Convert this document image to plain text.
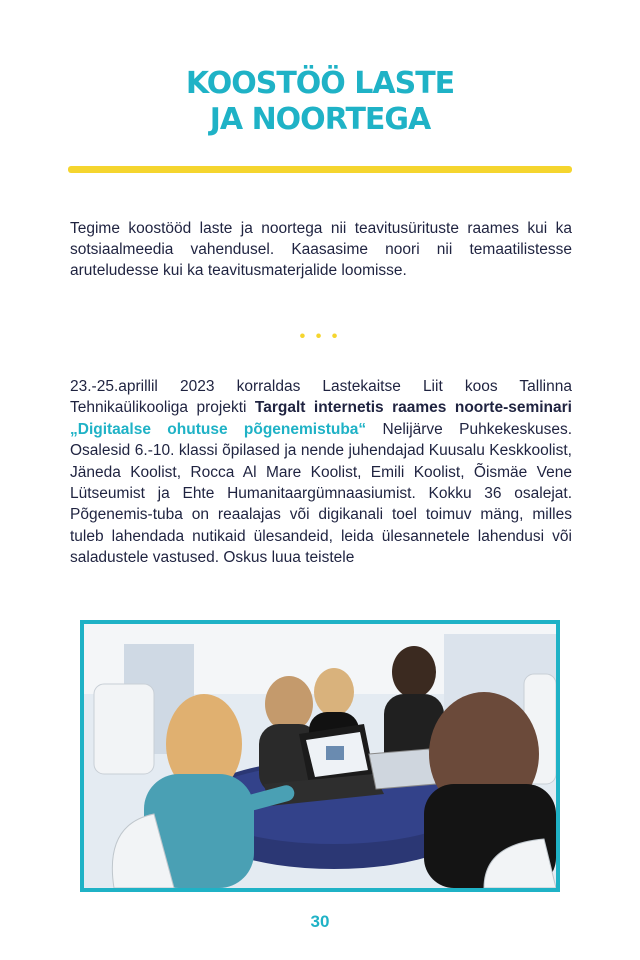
KOOSTÖÖ LASTE
JA NOORTEGA

Tegime koostööd laste ja noortega nii teavitusürituste raames kui ka sotsiaalmeedia vahendusel. Kaasasime noori nii temaatilistesse aruteludesse kui ka teavitusmaterjalide loomisse.

• • •

23.-25.aprillil 2023 korraldas Lastekaitse Liit koos Tallinna Tehnikaülikooliga projekti Targalt internetis raames noorte-seminari „Digitaalse ohutuse põgenemistuba“ Nelijärve Puhkekeskuses. Osalesid 6.-10. klassi õpilased ja nende juhendajad Kuusalu Keskkoolist, Jäneda Koolist, Rocca Al Mare Koolist, Emili Koolist, Õismäe Vene Lütseumist ja Ehte Humanitaargümnaasiumist. Kokku 36 osalejat. Põgenemis-tuba on reaalajas või digikanali toel toimuv mäng, milles tuleb lahendada nutikaid ülesandeid, leida ülesannetele lahendusi või saladustele vastused. Oskus luua teistele

30
